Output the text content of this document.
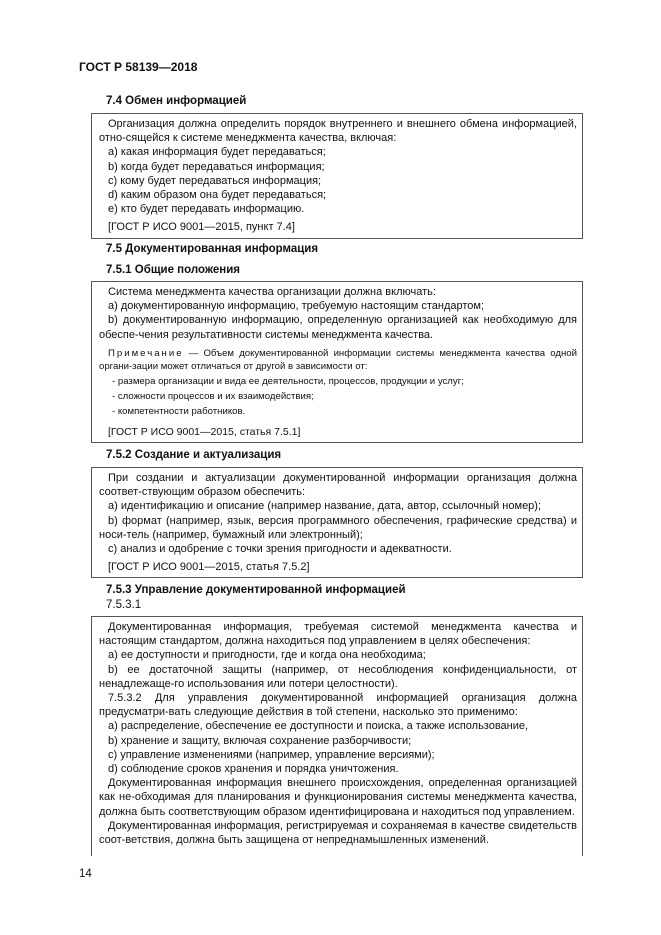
ГОСТ Р 58139—2018
7.4 Обмен информацией

Организация должна определить порядок внутреннего и внешнего обмена информацией, отно-сящейся к системе менеджмента качества, включая:

a) какая информация будет передаваться;

b) когда будет передаваться информация;

c) кому будет передаваться информация;

d) каким образом она будет передаваться;

e) кто будет передавать информацию.

[ГОСТ Р ИСО 9001—2015, пункт 7.4]

7.5 Документированная информация
7.5.1 Общие положения

Система менеджмента качества организации должна включать:

a) документированную информацию, требуемую настоящим стандартом;

b) документированную информацию, определенную организацией как необходимую для обеспе-чения результативности системы менеджмента качества.

Примечание — Объем документированной информации системы менеджмента качества одной органи-зации может отличаться от другой в зависимости от:

- размера организации и вида ее деятельности, процессов, продукции и услуг;

- сложности процессов и их взаимодействия;

- компетентности работников.

[ГОСТ Р ИСО 9001—2015, статья 7.5.1]

7.5.2 Создание и актуализация

При создании и актуализации документированной информации организация должна соответ-ствующим образом обеспечить:

a) идентификацию и описание (например название, дата, автор, ссылочный номер);

b) формат (например, язык, версия программного обеспечения, графические средства) и носи-тель (например, бумажный или электронный);

c) анализ и одобрение с точки зрения пригодности и адекватности.

[ГОСТ Р ИСО 9001—2015, статья 7.5.2]

7.5.3 Управление документированной информацией
7.5.3.1

Документированная информация, требуемая системой менеджмента качества и настоящим стандартом, должна находиться под управлением в целях обеспечения:

a) ее доступности и пригодности, где и когда она необходима;

b) ее достаточной защиты (например, от несоблюдения конфиденциальности, от ненадлежаще-го использования или потери целостности).

7.5.3.2 Для управления документированной информацией организация должна предусматри-вать следующие действия в той степени, насколько это применимо:

a) распределение, обеспечение ее доступности и поиска, а также использование,

b) хранение и защиту, включая сохранение разборчивости;

c) управление изменениями (например, управление версиями);

d) соблюдение сроков хранения и порядка уничтожения.

Документированная информация внешнего происхождения, определенная организацией как не-обходимая для планирования и функционирования системы менеджмента качества, должна быть соответствующим образом идентифицирована и находиться под управлением.

Документированная информация, регистрируемая и сохраняемая в качестве свидетельств соот-ветствия, должна быть защищена от непреднамышленных изменений.

14
